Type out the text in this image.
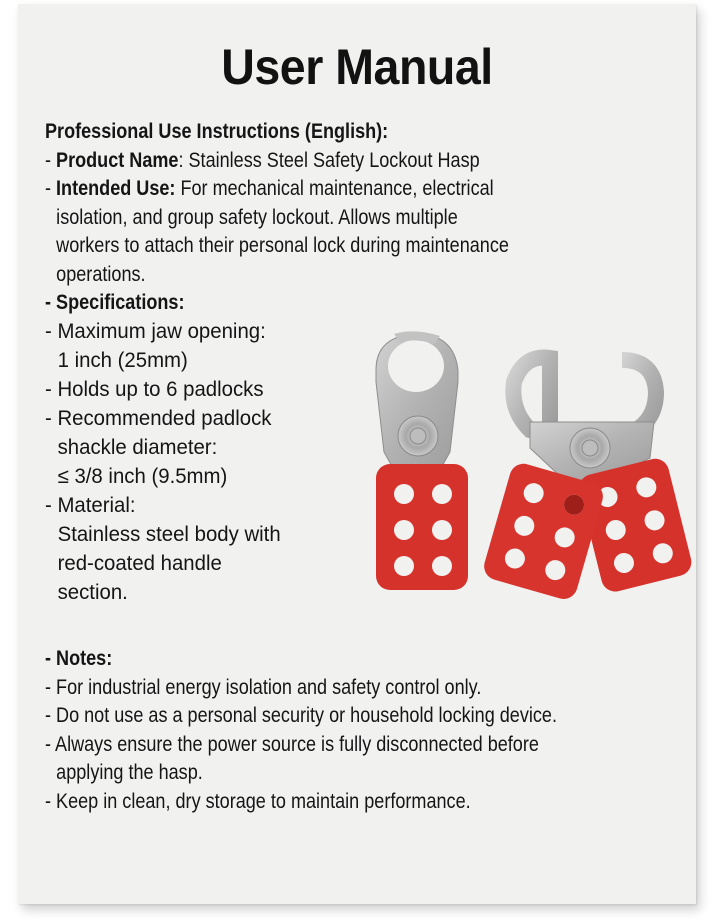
User Manual
Professional Use Instructions (English):
- Product Name: Stainless Steel Safety Lockout Hasp
- Intended Use: For mechanical maintenance, electrical
isolation, and group safety lockout. Allows multiple
workers to attach their personal lock during maintenance
operations.
- Specifications:
- Maximum jaw opening:
1 inch (25mm)
- Holds up to 6 padlocks
- Recommended padlock
shackle diameter:
≤ 3/8 inch (9.5mm)
- Material:
Stainless steel body with
red-coated handle
section.
- Notes:
- For industrial energy isolation and safety control only.
- Do not use as a personal security or household locking device.
- Always ensure the power source is fully disconnected before
applying the hasp.
- Keep in clean, dry storage to maintain performance.
